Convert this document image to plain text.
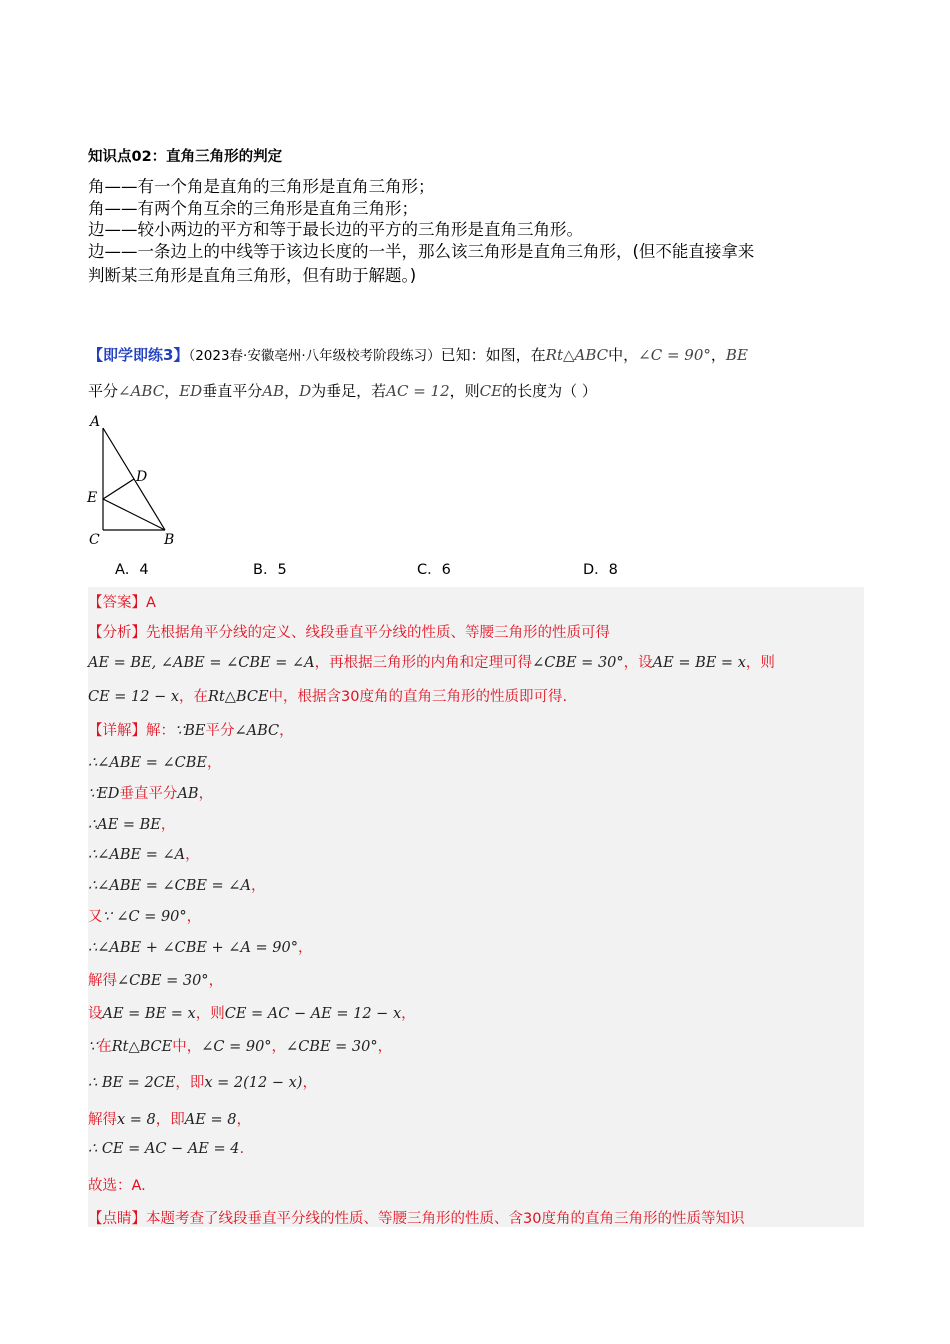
知识点02：直角三角形的判定
角——有一个角是直角的三角形是直角三角形；
角——有两个角互余的三角形是直角三角形；
边——较小两边的平方和等于最长边的平方的三角形是直角三角形。
边——一条边上的中线等于该边长度的一半，那么该三角形是直角三角形，(但不能直接拿来
判断某三角形是直角三角形，但有助于解题。)
【即学即练3】（2023春·安徽亳州·八年级校考阶段练习）已知：如图，在Rt△ABC中，∠C = 90°，BE
平分∠ABC，ED垂直平分AB，D为垂足，若AC = 12，则CE的长度为（ ）
A
D
E
C	B
A．4	B．5	C．6	D．8
【答案】A
【分析】先根据角平分线的定义、线段垂直平分线的性质、等腰三角形的性质可得
AE = BE, ∠ABE = ∠CBE = ∠A，再根据三角形的内角和定理可得∠CBE = 30°，设AE = BE = x，则
CE = 12 − x，在Rt△BCE中，根据含30度角的直角三角形的性质即可得.
【详解】解：∵BE平分∠ABC，
∴∠ABE = ∠CBE，
∵ED垂直平分AB，
∴AE = BE，
∴∠ABE = ∠A，
∴∠ABE = ∠CBE = ∠A，
又∵ ∠C = 90°，
∴∠ABE + ∠CBE + ∠A = 90°，
解得∠CBE = 30°，
设AE = BE = x，则CE = AC − AE = 12 − x，
∵在Rt△BCE中，∠C = 90°，∠CBE = 30°，
∴ BE = 2CE，即x = 2(12 − x)，
解得x = 8，即AE = 8，
∴ CE = AC − AE = 4.
故选：A.
【点睛】本题考查了线段垂直平分线的性质、等腰三角形的性质、含30度角的直角三角形的性质等知识
